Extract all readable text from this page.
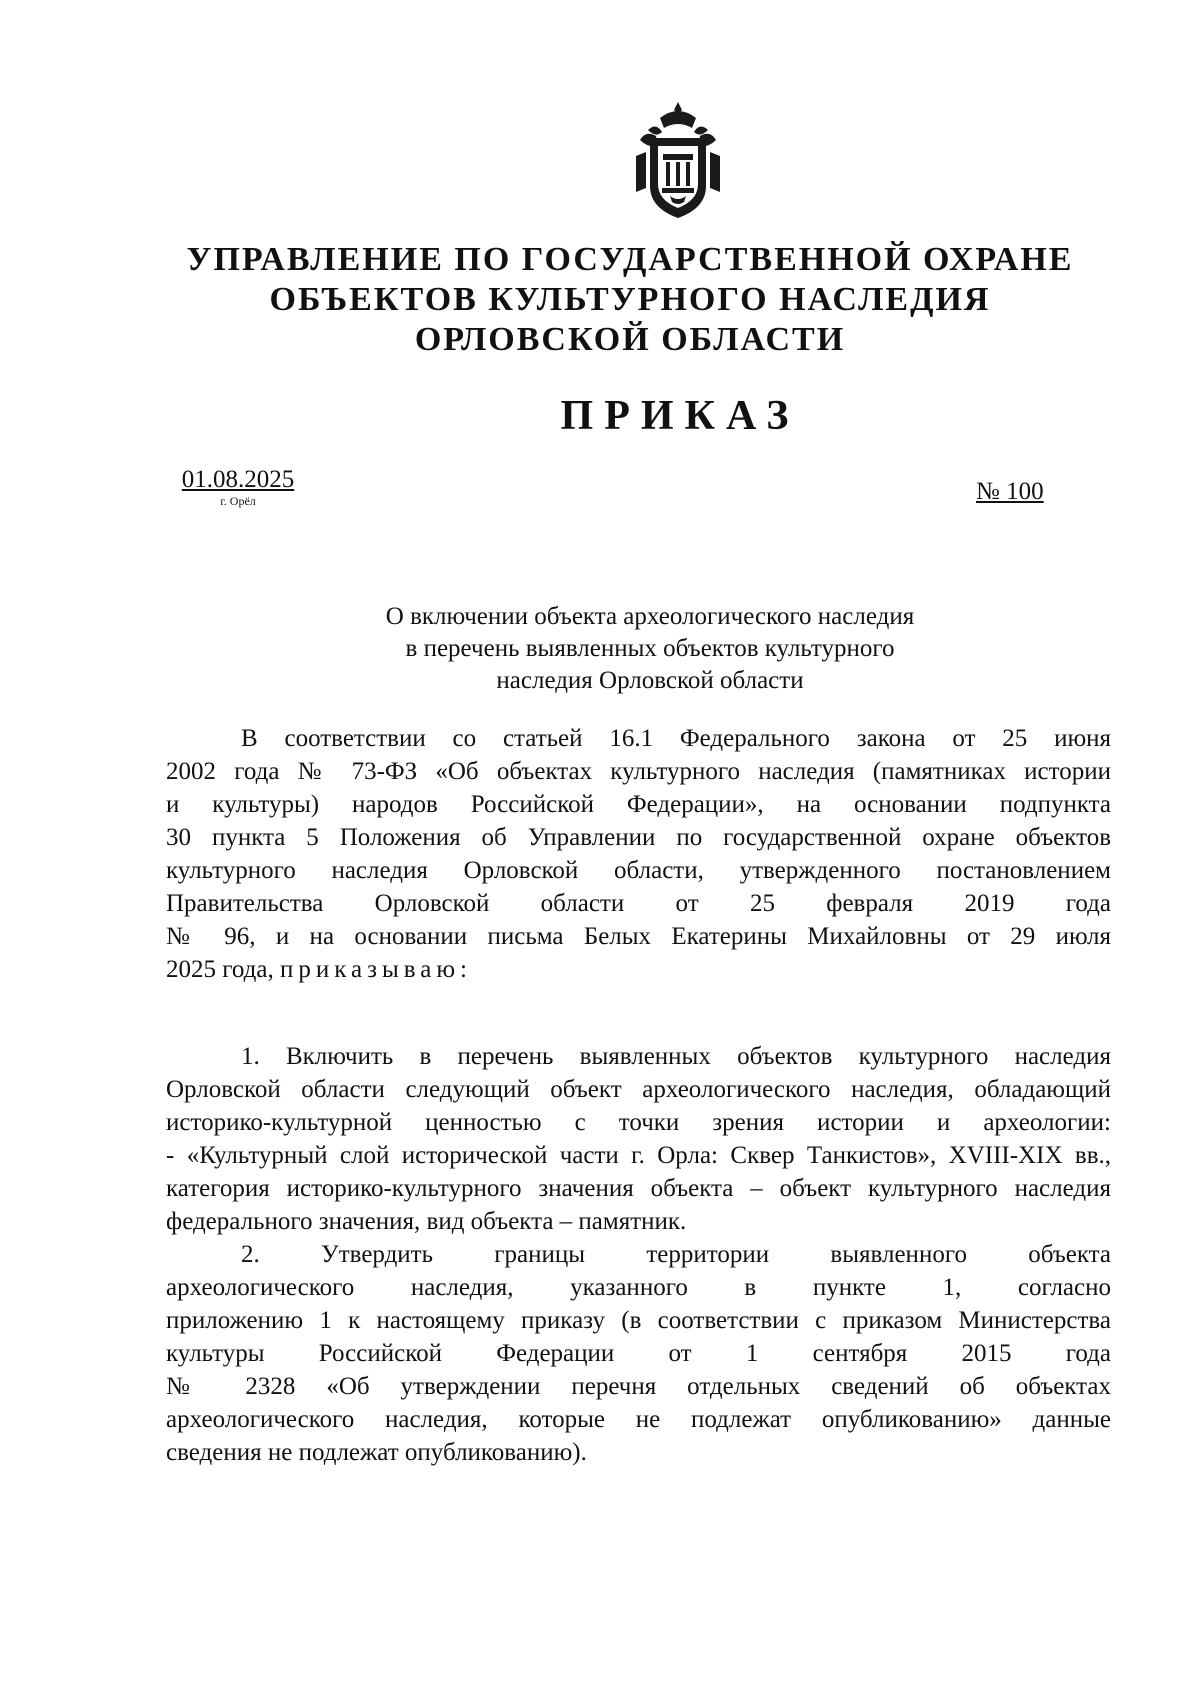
УПРАВЛЕНИЕ ПО ГОСУДАРСТВЕННОЙ ОХРАНЕ
ОБЪЕКТОВ КУЛЬТУРНОГО НАСЛЕДИЯ
ОРЛОВСКОЙ ОБЛАСТИ
ПРИКАЗ
01.08.2025
г. Орёл	№ 100
О включении объекта археологического наследия
в перечень выявленных объектов культурного
наследия Орловской области
В соответствии со статьей 16.1 Федерального закона от 25 июня
2002 года № 73-ФЗ «Об объектах культурного наследия (памятниках истории
и культуры) народов Российской Федерации», на основании подпункта
30 пункта 5 Положения об Управлении по государственной охране объектов
культурного наследия Орловской области, утвержденного постановлением
Правительства Орловской области от 25 февраля 2019 года
№ 96, и на основании письма Белых Екатерины Михайловны от 29 июля
2025 года, приказываю:
1. Включить в перечень выявленных объектов культурного наследия
Орловской области следующий объект археологического наследия, обладающий
историко-культурной ценностью с точки зрения истории и археологии:
- «Культурный слой исторической части г. Орла: Сквер Танкистов», XVIII-XIX вв.,
категория историко-культурного значения объекта – объект культурного наследия
федерального значения, вид объекта – памятник.
2. Утвердить границы территории выявленного объекта
археологического наследия, указанного в пункте 1, согласно
приложению 1 к настоящему приказу (в соответствии с приказом Министерства
культуры Российской Федерации от 1 сентября 2015 года
№ 2328 «Об утверждении перечня отдельных сведений об объектах
археологического наследия, которые не подлежат опубликованию» данные
сведения не подлежат опубликованию).
